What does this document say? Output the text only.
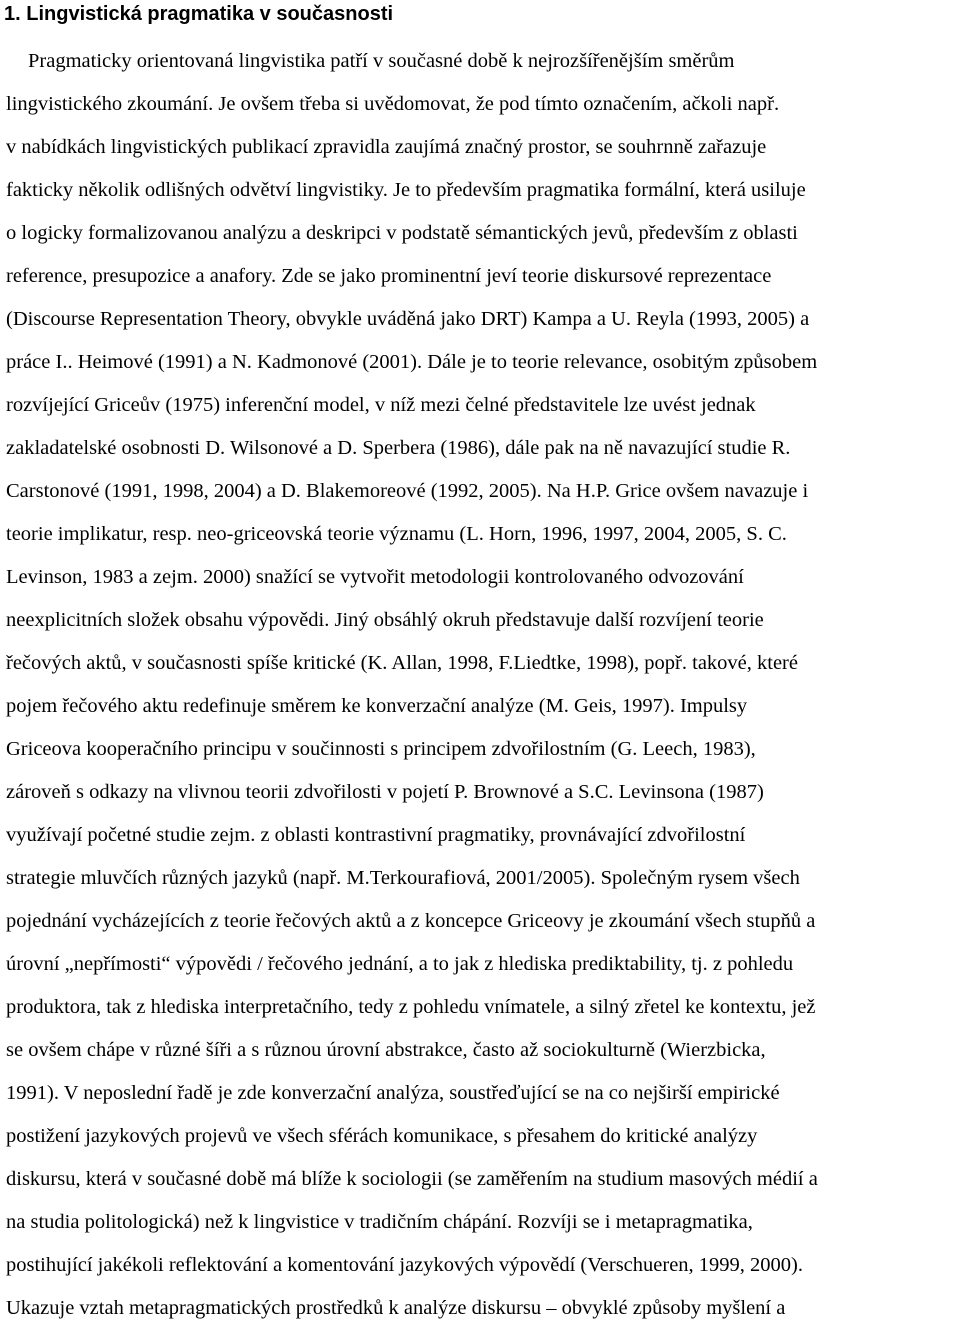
1. Lingvistická pragmatika v současnosti
Pragmaticky orientovaná lingvistika patří v současné době k nejrozšířenějším směrům
lingvistického zkoumání. Je ovšem třeba si uvědomovat, že pod tímto označením, ačkoli např.
v nabídkách lingvistických publikací zpravidla zaujímá značný prostor, se souhrnně zařazuje
fakticky několik odlišných odvětví lingvistiky. Je to především pragmatika formální, která usiluje
o logicky formalizovanou analýzu a deskripci v podstatě sémantických jevů, především z oblasti
reference, presupozice a anafory. Zde se jako prominentní jeví teorie diskursové reprezentace
(Discourse Representation Theory, obvykle uváděná jako DRT) Kampa a U. Reyla (1993, 2005) a
práce I.. Heimové (1991) a N. Kadmonové (2001). Dále je to teorie relevance, osobitým způsobem
rozvíjející Griceův (1975) inferenční model, v níž mezi čelné představitele lze uvést jednak
zakladatelské osobnosti D. Wilsonové a D. Sperbera (1986), dále pak na ně navazující studie R.
Carstonové (1991, 1998, 2004) a D. Blakemoreové (1992, 2005). Na H.P. Grice ovšem navazuje i
teorie implikatur, resp. neo-griceovská teorie významu (L. Horn, 1996, 1997, 2004, 2005, S. C.
Levinson, 1983 a zejm. 2000) snažící se vytvořit metodologii kontrolovaného odvozování
neexplicitních složek obsahu výpovědi. Jiný obsáhlý okruh představuje další rozvíjení teorie
řečových aktů, v současnosti spíše kritické (K. Allan, 1998, F.Liedtke, 1998), popř. takové, které
pojem řečového aktu redefinuje směrem ke konverzační analýze (M. Geis, 1997). Impulsy
Griceova kooperačního principu v součinnosti s principem zdvořilostním (G. Leech, 1983),
zároveň s odkazy na vlivnou teorii zdvořilosti v pojetí P. Brownové a S.C. Levinsona (1987)
využívají početné studie zejm. z oblasti kontrastivní pragmatiky, provnávající zdvořilostní
strategie mluvčích různých jazyků (např. M.Terkourafiová, 2001/2005). Společným rysem všech
pojednání vycházejících z teorie řečových aktů a z koncepce Griceovy je zkoumání všech stupňů a
úrovní „nepřímosti“ výpovědi / řečového jednání, a to jak z hlediska prediktability, tj. z pohledu
produktora, tak z hlediska interpretačního, tedy z pohledu vnímatele, a silný zřetel ke kontextu, jež
se ovšem chápe v různé šíři a s různou úrovní abstrakce, často až sociokulturně (Wierzbicka,
1991). V neposlední řadě je zde konverzační analýza, soustřeďující se na co nejširší empirické
postižení jazykových projevů ve všech sférách komunikace, s přesahem do kritické analýzy
diskursu, která v současné době má blíže k sociologii (se zaměřením na studium masových médií a
na studia politologická) než k lingvistice v tradičním chápání. Rozvíji se i metapragmatika,
postihující jakékoli reflektování a komentování jazykových výpovědí (Verschueren, 1999, 2000).
Ukazuje vztah metapragmatických prostředků k analýze diskursu – obvyklé způsoby myšlení a
